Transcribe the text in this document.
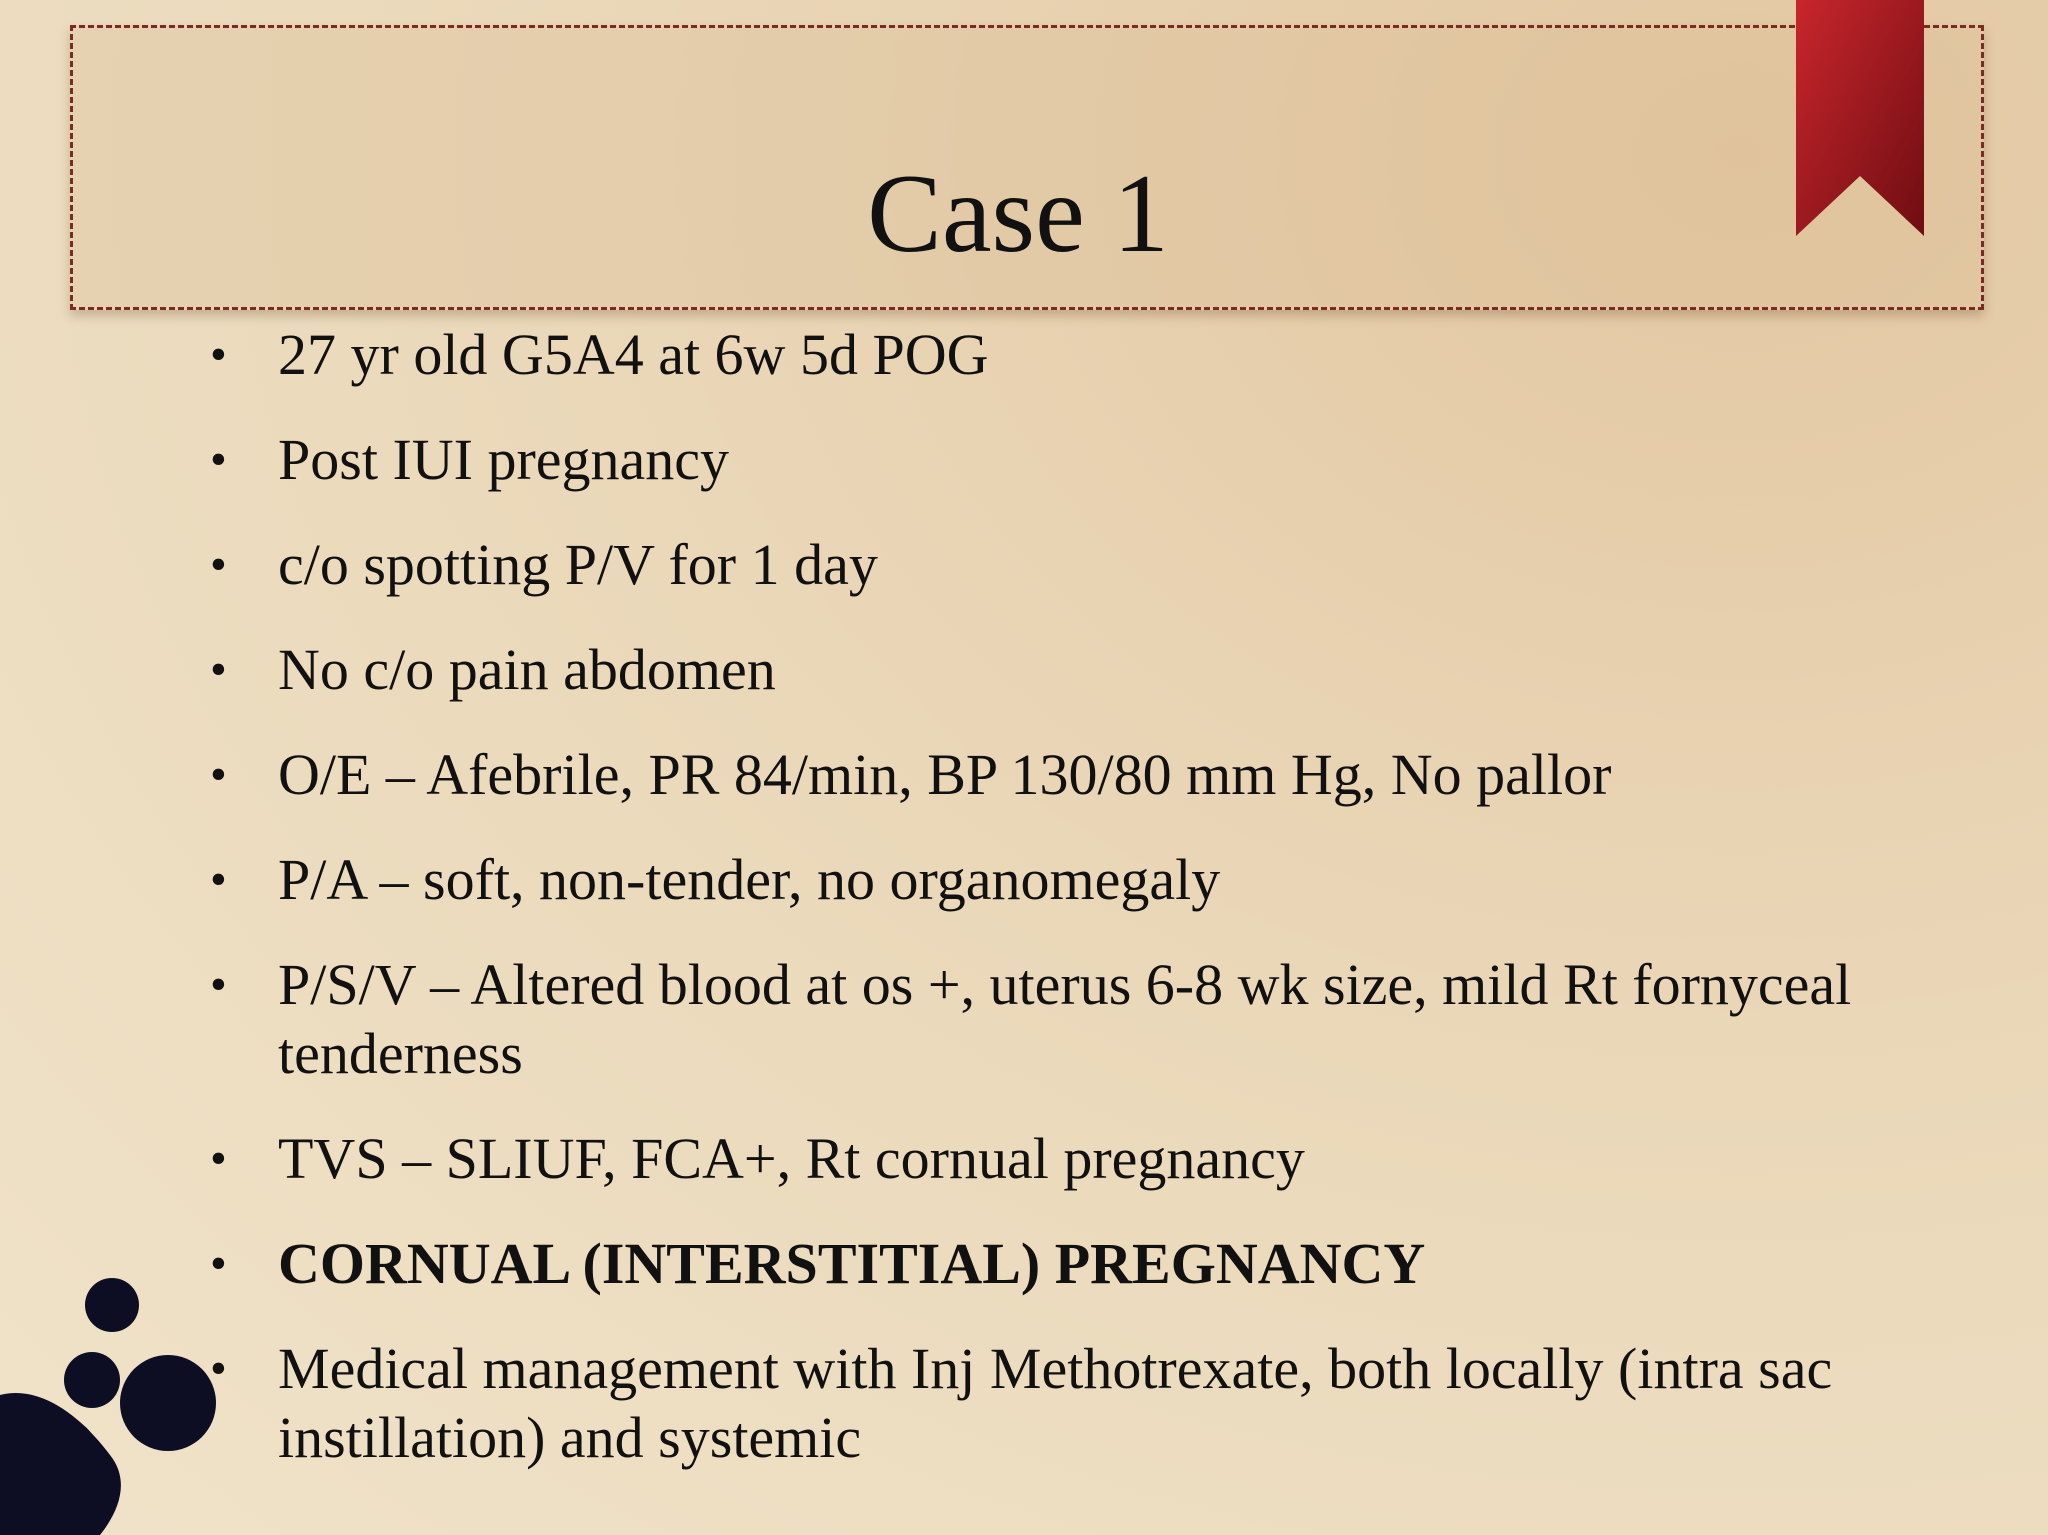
Case 1
• 27 yr old G5A4 at 6w 5d POG
• Post IUI pregnancy
• c/o spotting P/V for 1 day
• No c/o pain abdomen
• O/E – Afebrile, PR 84/min, BP 130/80 mm Hg, No pallor
• P/A – soft, non-tender, no organomegaly
• P/S/V – Altered blood at os +, uterus 6-8 wk size, mild Rt fornyceal tenderness
• TVS – SLIUF, FCA+, Rt cornual pregnancy
• CORNUAL (INTERSTITIAL) PREGNANCY
• Medical management with Inj Methotrexate, both locally (intra sac instillation) and systemic
